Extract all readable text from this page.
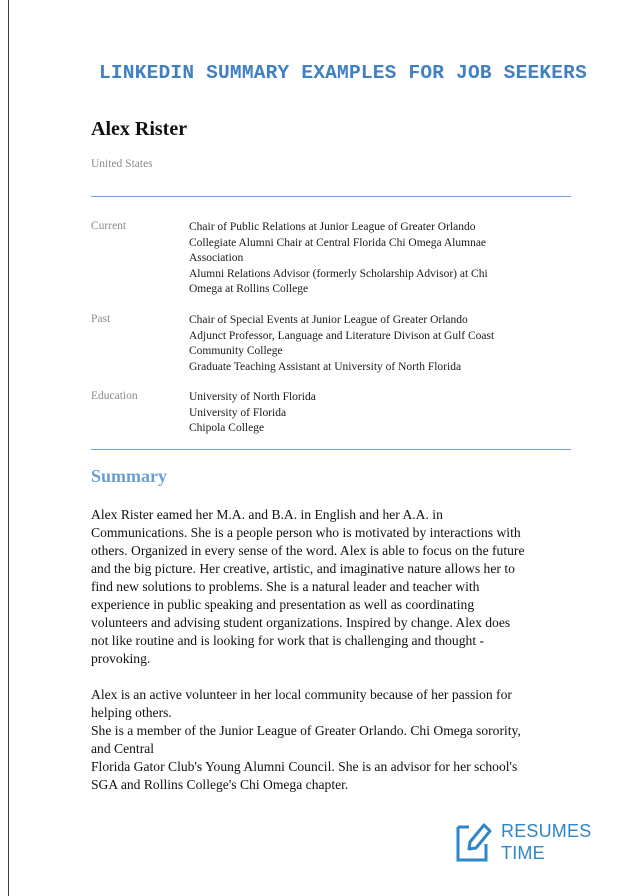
LINKEDIN SUMMARY EXAMPLES FOR JOB SEEKERS
Alex Rister
United States
Current	Chair of Public Relations at Junior League of Greater Orlando
Collegiate Alumni Chair at Central Florida Chi Omega Alumnae
Association
Alumni Relations Advisor (formerly Scholarship Advisor) at Chi
Omega at Rollins College
Past	Chair of Special Events at Junior League of Greater Orlando
Adjunct Professor, Language and Literature Divison at Gulf Coast
Community College
Graduate Teaching Assistant at University of North Florida
Education	University of North Florida
University of Florida
Chipola College
Summary
Alex Rister eamed her M.A. and B.A. in English and her A.A. in
Communications. She is a people person who is motivated by interactions with
others. Organized in every sense of the word. Alex is able to focus on the future
and the big picture. Her creative, artistic, and imaginative nature allows her to
find new solutions to problems. She is a natural leader and teacher with
experience in public speaking and presentation as well as coordinating
volunteers and advising student organizations. Inspired by change. Alex does
not like routine and is looking for work that is challenging and thought -
provoking.
Alex is an active volunteer in her local community because of her passion for
helping others.
She is a member of the Junior League of Greater Orlando. Chi Omega sorority,
and Central
Florida Gator Club's Young Alumni Council. She is an advisor for her school's
SGA and Rollins College's Chi Omega chapter.
RESUMES
TIME
